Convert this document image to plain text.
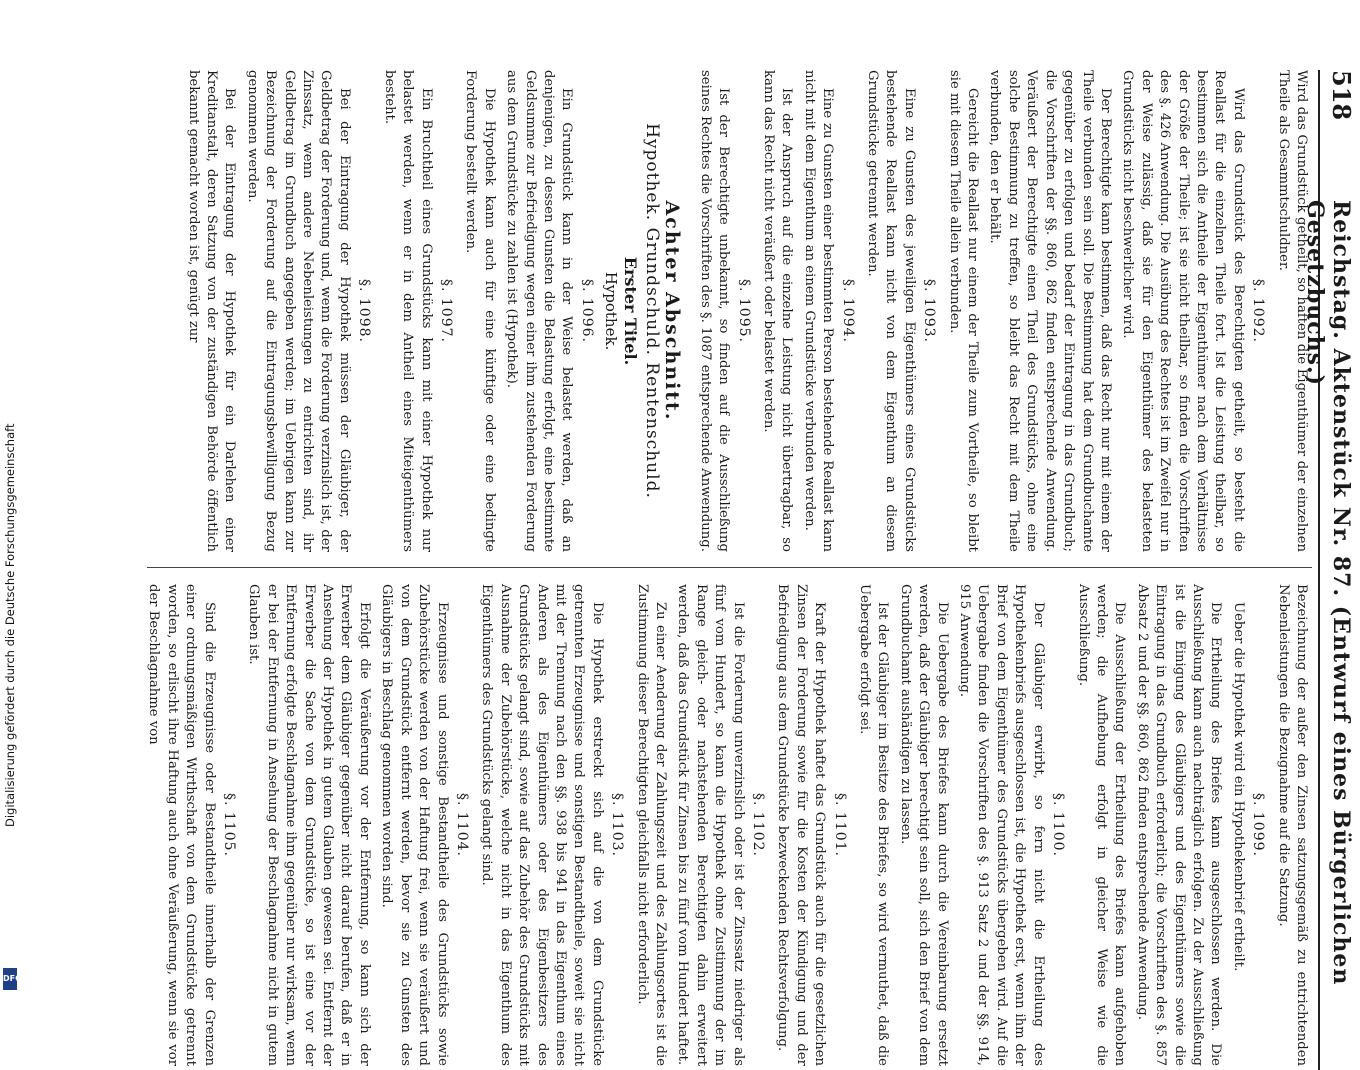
Digitalisierung gefördert durch die Deutsche Forschungsgemeinschaft
DFG
518
Reichstag. Aktenstück Nr. 87. (Entwurf eines Bürgerlichen Gesetzbuchs.)

Wird das Grundstück getheilt, so haften die Eigenthümer der einzelnen Theile als Gesammtschuldner.

§. 1092.

Wird das Grundstück des Berechtigten getheilt, so besteht die Reallast für die einzelnen Theile fort. Ist die Leistung theilbar, so bestimmen sich die Antheile der Eigenthümer nach dem Verhältnisse der Größe der Theile; ist sie nicht theilbar, so finden die Vorschriften des §. 426 Anwendung. Die Ausübung des Rechtes ist im Zweifel nur in der Weise zulässig, daß sie für den Eigenthümer des belasteten Grundstücks nicht beschwerlicher wird.

Der Berechtigte kann bestimmen, daß das Recht nur mit einem der Theile verbunden sein soll. Die Bestimmung hat dem Grundbuchamte gegenüber zu erfolgen und bedarf der Eintragung in das Grundbuch; die Vorschriften der §§. 860, 862 finden entsprechende Anwendung. Veräußert der Berechtigte einen Theil des Grundstücks, ohne eine solche Bestimmung zu treffen, so bleibt das Recht mit dem Theile verbunden, den er behält.

Gereicht die Reallast nur einem der Theile zum Vortheile, so bleibt sie mit diesem Theile allein verbunden.

§. 1093.

Eine zu Gunsten des jeweiligen Eigenthümers eines Grundstücks bestehende Reallast kann nicht von dem Eigenthum an diesem Grundstücke getrennt werden.

§. 1094.

Eine zu Gunsten einer bestimmten Person bestehende Reallast kann nicht mit dem Eigenthum an einem Grundstücke verbunden werden.

Ist der Anspruch auf die einzelne Leistung nicht übertragbar, so kann das Recht nicht veräußert oder belastet werden.

§. 1095.

Ist der Berechtigte unbekannt, so finden auf die Ausschließung seines Rechtes die Vorschriften des §. 1087 entsprechende Anwendung.

Achter Abschnitt.
Hypothek. Grundschuld. Rentenschuld.
Erster Titel.
Hypothek.
§. 1096.

Ein Grundstück kann in der Weise belastet werden, daß an denjenigen, zu dessen Gunsten die Belastung erfolgt, eine bestimmte Geldsumme zur Befriedigung wegen einer ihm zustehenden Forderung aus dem Grundstücke zu zahlen ist (Hypothek).

Die Hypothek kann auch für eine künftige oder eine bedingte Forderung bestellt werden.

§. 1097.

Ein Bruchtheil eines Grundstücks kann mit einer Hypothek nur belastet werden, wenn er in dem Antheil eines Miteigenthümers besteht.

§. 1098.

Bei der Eintragung der Hypothek müssen der Gläubiger, der Geldbetrag der Forderung und, wenn die Forderung verzinslich ist, der Zinssatz, wenn andere Nebenleistungen zu entrichten sind, ihr Geldbetrag im Grundbuch angegeben werden; im Uebrigen kann zur Bezeichnung der Forderung auf die Eintragungsbewilligung Bezug genommen werden.

Bei der Eintragung der Hypothek für ein Darlehen einer Kreditanstalt, deren Satzung von der zuständigen Behörde öffentlich bekannt gemacht worden ist, genügt zur

Bezeichnung der außer den Zinsen satzungsgemäß zu entrichtenden Nebenleistungen die Bezugnahme auf die Satzung.

§. 1099.

Ueber die Hypothek wird ein Hypothekenbrief ertheilt.

Die Ertheilung des Briefes kann ausgeschlossen werden. Die Ausschließung kann auch nachträglich erfolgen. Zu der Ausschließung ist die Einigung des Gläubigers und des Eigenthümers sowie die Eintragung in das Grundbuch erforderlich; die Vorschriften des §. 857 Absatz 2 und der §§. 860, 862 finden entsprechende Anwendung.

Die Ausschließung der Ertheilung des Briefes kann aufgehoben werden; die Aufhebung erfolgt in gleicher Weise wie die Ausschließung.

§. 1100.

Der Gläubiger erwirbt, so fern nicht die Ertheilung des Hypothekenbriefs ausgeschlossen ist, die Hypothek erst, wenn ihm der Brief von dem Eigenthümer des Grundstücks übergeben wird. Auf die Uebergabe finden die Vorschriften des §. 913 Satz 2 und der §§. 914, 915 Anwendung.

Die Uebergabe des Briefes kann durch die Vereinbarung ersetzt werden, daß der Gläubiger berechtigt sein soll, sich den Brief von dem Grundbuchamt aushändigen zu lassen.

Ist der Gläubiger im Besitze des Briefes, so wird vermuthet, daß die Uebergabe erfolgt sei.

§. 1101.

Kraft der Hypothek haftet das Grundstück auch für die gesetzlichen Zinsen der Forderung sowie für die Kosten der Kündigung und der Befriedigung aus dem Grundstücke bezweckenden Rechtsverfolgung.

§. 1102.

Ist die Forderung unverzinslich oder ist der Zinssatz niedriger als fünf vom Hundert, so kann die Hypothek ohne Zustimmung der im Range gleich- oder nachstehenden Berechtigten dahin erweitert werden, daß das Grundstück für Zinsen bis zu fünf vom Hundert haftet.

Zu einer Aenderung der Zahlungszeit und des Zahlungsortes ist die Zustimmung dieser Berechtigten gleichfalls nicht erforderlich.

§. 1103.

Die Hypothek erstreckt sich auf die von dem Grundstücke getrennten Erzeugnisse und sonstigen Bestandtheile, soweit sie nicht mit der Trennung nach den §§. 938 bis 941 in das Eigenthum eines Anderen als des Eigenthümers oder des Eigenbesitzers des Grundstücks gelangt sind, sowie auf das Zubehör des Grundstücks mit Ausnahme der Zubehörstücke, welche nicht in das Eigenthum des Eigenthümers des Grundstücks gelangt sind.

§. 1104.

Erzeugnisse und sonstige Bestandtheile des Grundstücks sowie Zubehörstücke werden von der Haftung frei, wenn sie veräußert und von dem Grundstück entfernt werden, bevor sie zu Gunsten des Gläubigers in Beschlag genommen worden sind.

Erfolgt die Veräußerung vor der Entfernung, so kann sich der Erwerber dem Gläubiger gegenüber nicht darauf berufen, daß er in Ansehung der Hypothek in gutem Glauben gewesen sei. Entfernt der Erwerber die Sache von dem Grundstücke, so ist eine vor der Entfernung erfolgte Beschlagnahme ihm gegenüber nur wirksam, wenn er bei der Entfernung in Ansehung der Beschlagnahme nicht in gutem Glauben ist.

§. 1105.

Sind die Erzeugnisse oder Bestandtheile innerhalb der Grenzen einer ordnungsmäßigen Wirthschaft von dem Grundstücke getrennt worden, so erlischt ihre Haftung auch ohne Veräußerung, wenn sie vor der Beschlagnahme von
